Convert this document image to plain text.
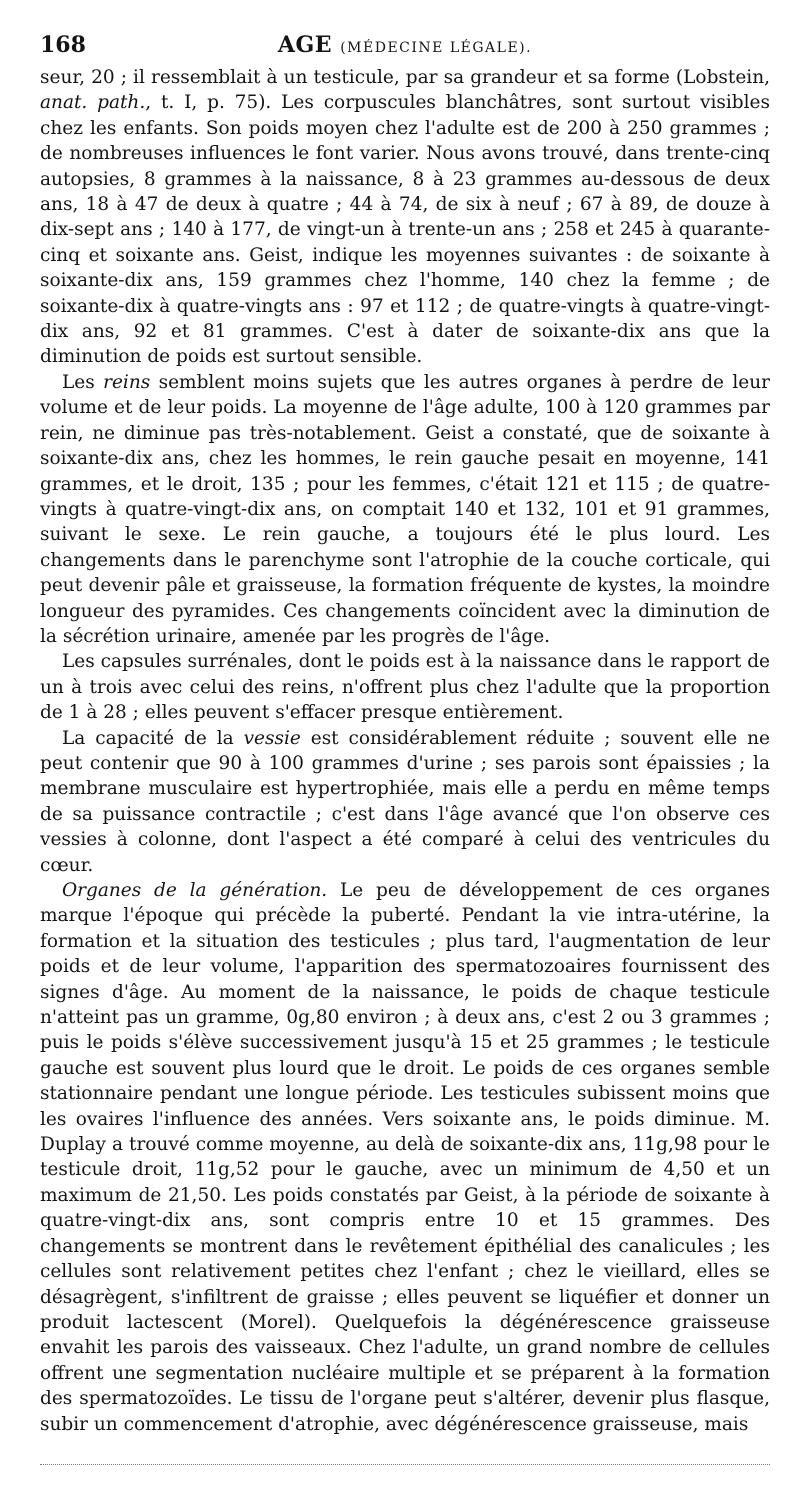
168	AGE (MÉDECINE LÉGALE).

seur, 20 ; il ressemblait à un testicule, par sa grandeur et sa forme (Lobstein, anat. path., t. I, p. 75). Les corpuscules blanchâtres, sont surtout visibles chez les enfants. Son poids moyen chez l'adulte est de 200 à 250 grammes ; de nombreuses influences le font varier. Nous avons trouvé, dans trente-cinq autopsies, 8 grammes à la naissance, 8 à 23 grammes au-dessous de deux ans, 18 à 47 de deux à quatre ; 44 à 74, de six à neuf ; 67 à 89, de douze à dix-sept ans ; 140 à 177, de vingt-un à trente-un ans ; 258 et 245 à quarante-cinq et soixante ans. Geist, indique les moyennes suivantes : de soixante à soixante-dix ans, 159 grammes chez l'homme, 140 chez la femme ; de soixante-dix à quatre-vingts ans : 97 et 112 ; de quatre-vingts à quatre-vingt-dix ans, 92 et 81 grammes. C'est à dater de soixante-dix ans que la diminution de poids est surtout sensible.

Les reins semblent moins sujets que les autres organes à perdre de leur volume et de leur poids. La moyenne de l'âge adulte, 100 à 120 grammes par rein, ne diminue pas très-notablement. Geist a constaté, que de soixante à soixante-dix ans, chez les hommes, le rein gauche pesait en moyenne, 141 grammes, et le droit, 135 ; pour les femmes, c'était 121 et 115 ; de quatre-vingts à quatre-vingt-dix ans, on comptait 140 et 132, 101 et 91 grammes, suivant le sexe. Le rein gauche, a toujours été le plus lourd. Les changements dans le parenchyme sont l'atrophie de la couche corticale, qui peut devenir pâle et graisseuse, la formation fréquente de kystes, la moindre longueur des pyramides. Ces changements coïncident avec la diminution de la sécrétion urinaire, amenée par les progrès de l'âge.

Les capsules surrénales, dont le poids est à la naissance dans le rapport de un à trois avec celui des reins, n'offrent plus chez l'adulte que la proportion de 1 à 28 ; elles peuvent s'effacer presque entièrement.

La capacité de la vessie est considérablement réduite ; souvent elle ne peut contenir que 90 à 100 grammes d'urine ; ses parois sont épaissies ; la membrane musculaire est hypertrophiée, mais elle a perdu en même temps de sa puissance contractile ; c'est dans l'âge avancé que l'on observe ces vessies à colonne, dont l'aspect a été comparé à celui des ventricules du cœur.

Organes de la génération. Le peu de développement de ces organes marque l'époque qui précède la puberté. Pendant la vie intra-utérine, la formation et la situation des testicules ; plus tard, l'augmentation de leur poids et de leur volume, l'apparition des spermatozoaires fournissent des signes d'âge. Au moment de la naissance, le poids de chaque testicule n'atteint pas un gramme, 0g,80 environ ; à deux ans, c'est 2 ou 3 grammes ; puis le poids s'élève successivement jusqu'à 15 et 25 grammes ; le testicule gauche est souvent plus lourd que le droit. Le poids de ces organes semble stationnaire pendant une longue période. Les testicules subissent moins que les ovaires l'influence des années. Vers soixante ans, le poids diminue. M. Duplay a trouvé comme moyenne, au delà de soixante-dix ans, 11g,98 pour le testicule droit, 11g,52 pour le gauche, avec un minimum de 4,50 et un maximum de 21,50. Les poids constatés par Geist, à la période de soixante à quatre-vingt-dix ans, sont compris entre 10 et 15 grammes. Des changements se montrent dans le revêtement épithélial des canalicules ; les cellules sont relativement petites chez l'enfant ; chez le vieillard, elles se désagrègent, s'infiltrent de graisse ; elles peuvent se liquéfier et donner un produit lactescent (Morel). Quelquefois la dégénérescence graisseuse envahit les parois des vaisseaux. Chez l'adulte, un grand nombre de cellules offrent une segmentation nucléaire multiple et se préparent à la formation des spermatozoïdes. Le tissu de l'organe peut s'altérer, devenir plus flasque, subir un commencement d'atrophie, avec dégénérescence graisseuse, mais
